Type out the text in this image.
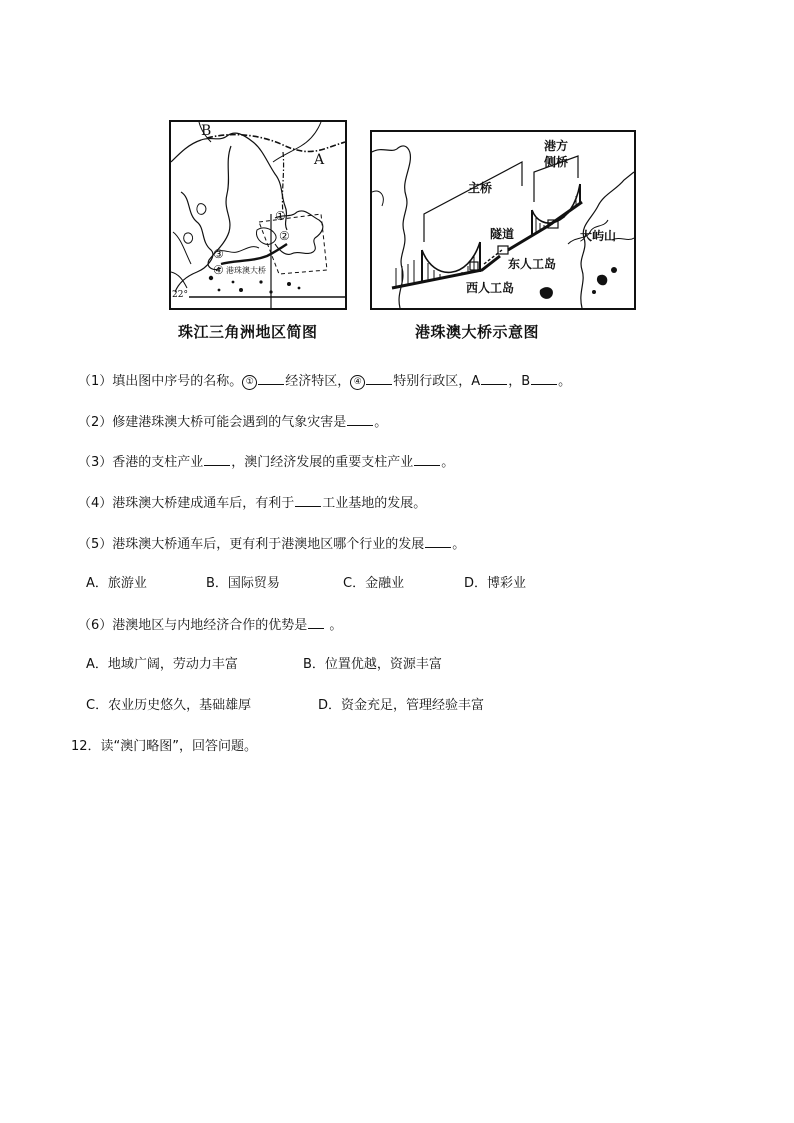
B
A
①
②
③
④ 港珠澳大桥
22°
珠江三角洲地区简图
主桥
港方
侧桥
隧道	大屿山
东人工岛
西人工岛
港珠澳大桥示意图
（1）填出图中序号的名称。 ① 经济特区， ④ 特别行政区，A ，B 。
（2）修建港珠澳大桥可能会遇到的气象灾害是 。
（3）香港的支柱产业 ，澳门经济发展的重要支柱产业 。
（4）港珠澳大桥建成通车后，有利于 工业基地的发展。
（5）港珠澳大桥通车后，更有利于港澳地区哪个行业的发展 。
A．旅游业	B．国际贸易	C．金融业	D．博彩业
（6）港澳地区与内地经济合作的优势是 。
A．地域广阔，劳动力丰富	B．位置优越，资源丰富
C．农业历史悠久，基础雄厚	D．资金充足，管理经验丰富
12．读“澳门略图”，回答问题。
